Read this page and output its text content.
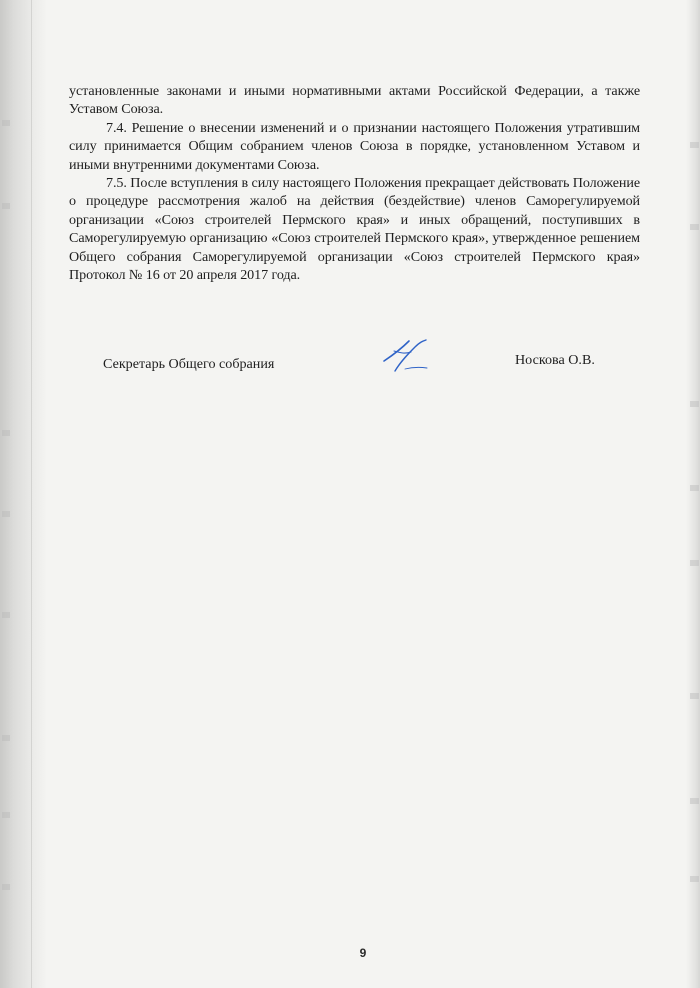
установленные законами и иными нормативными актами Российской Федерации, а также Уставом Союза.

7.4. Решение о внесении изменений и о признании настоящего Положения утратившим силу принимается Общим собранием членов Союза в порядке, установленном Уставом и иными внутренними документами Союза.

7.5. После вступления в силу настоящего Положения прекращает действовать Положение о процедуре рассмотрения жалоб на действия (бездействие) членов Саморегулируемой организации «Союз строителей Пермского края» и иных обращений, поступивших в Саморегулируемую организацию «Союз строителей Пермского края», утвержденное решением Общего собрания Саморегулируемой организации «Союз строителей Пермского края» Протокол № 16 от 20 апреля 2017 года.

Секретарь Общего собрания	Носкова О.В.
9
